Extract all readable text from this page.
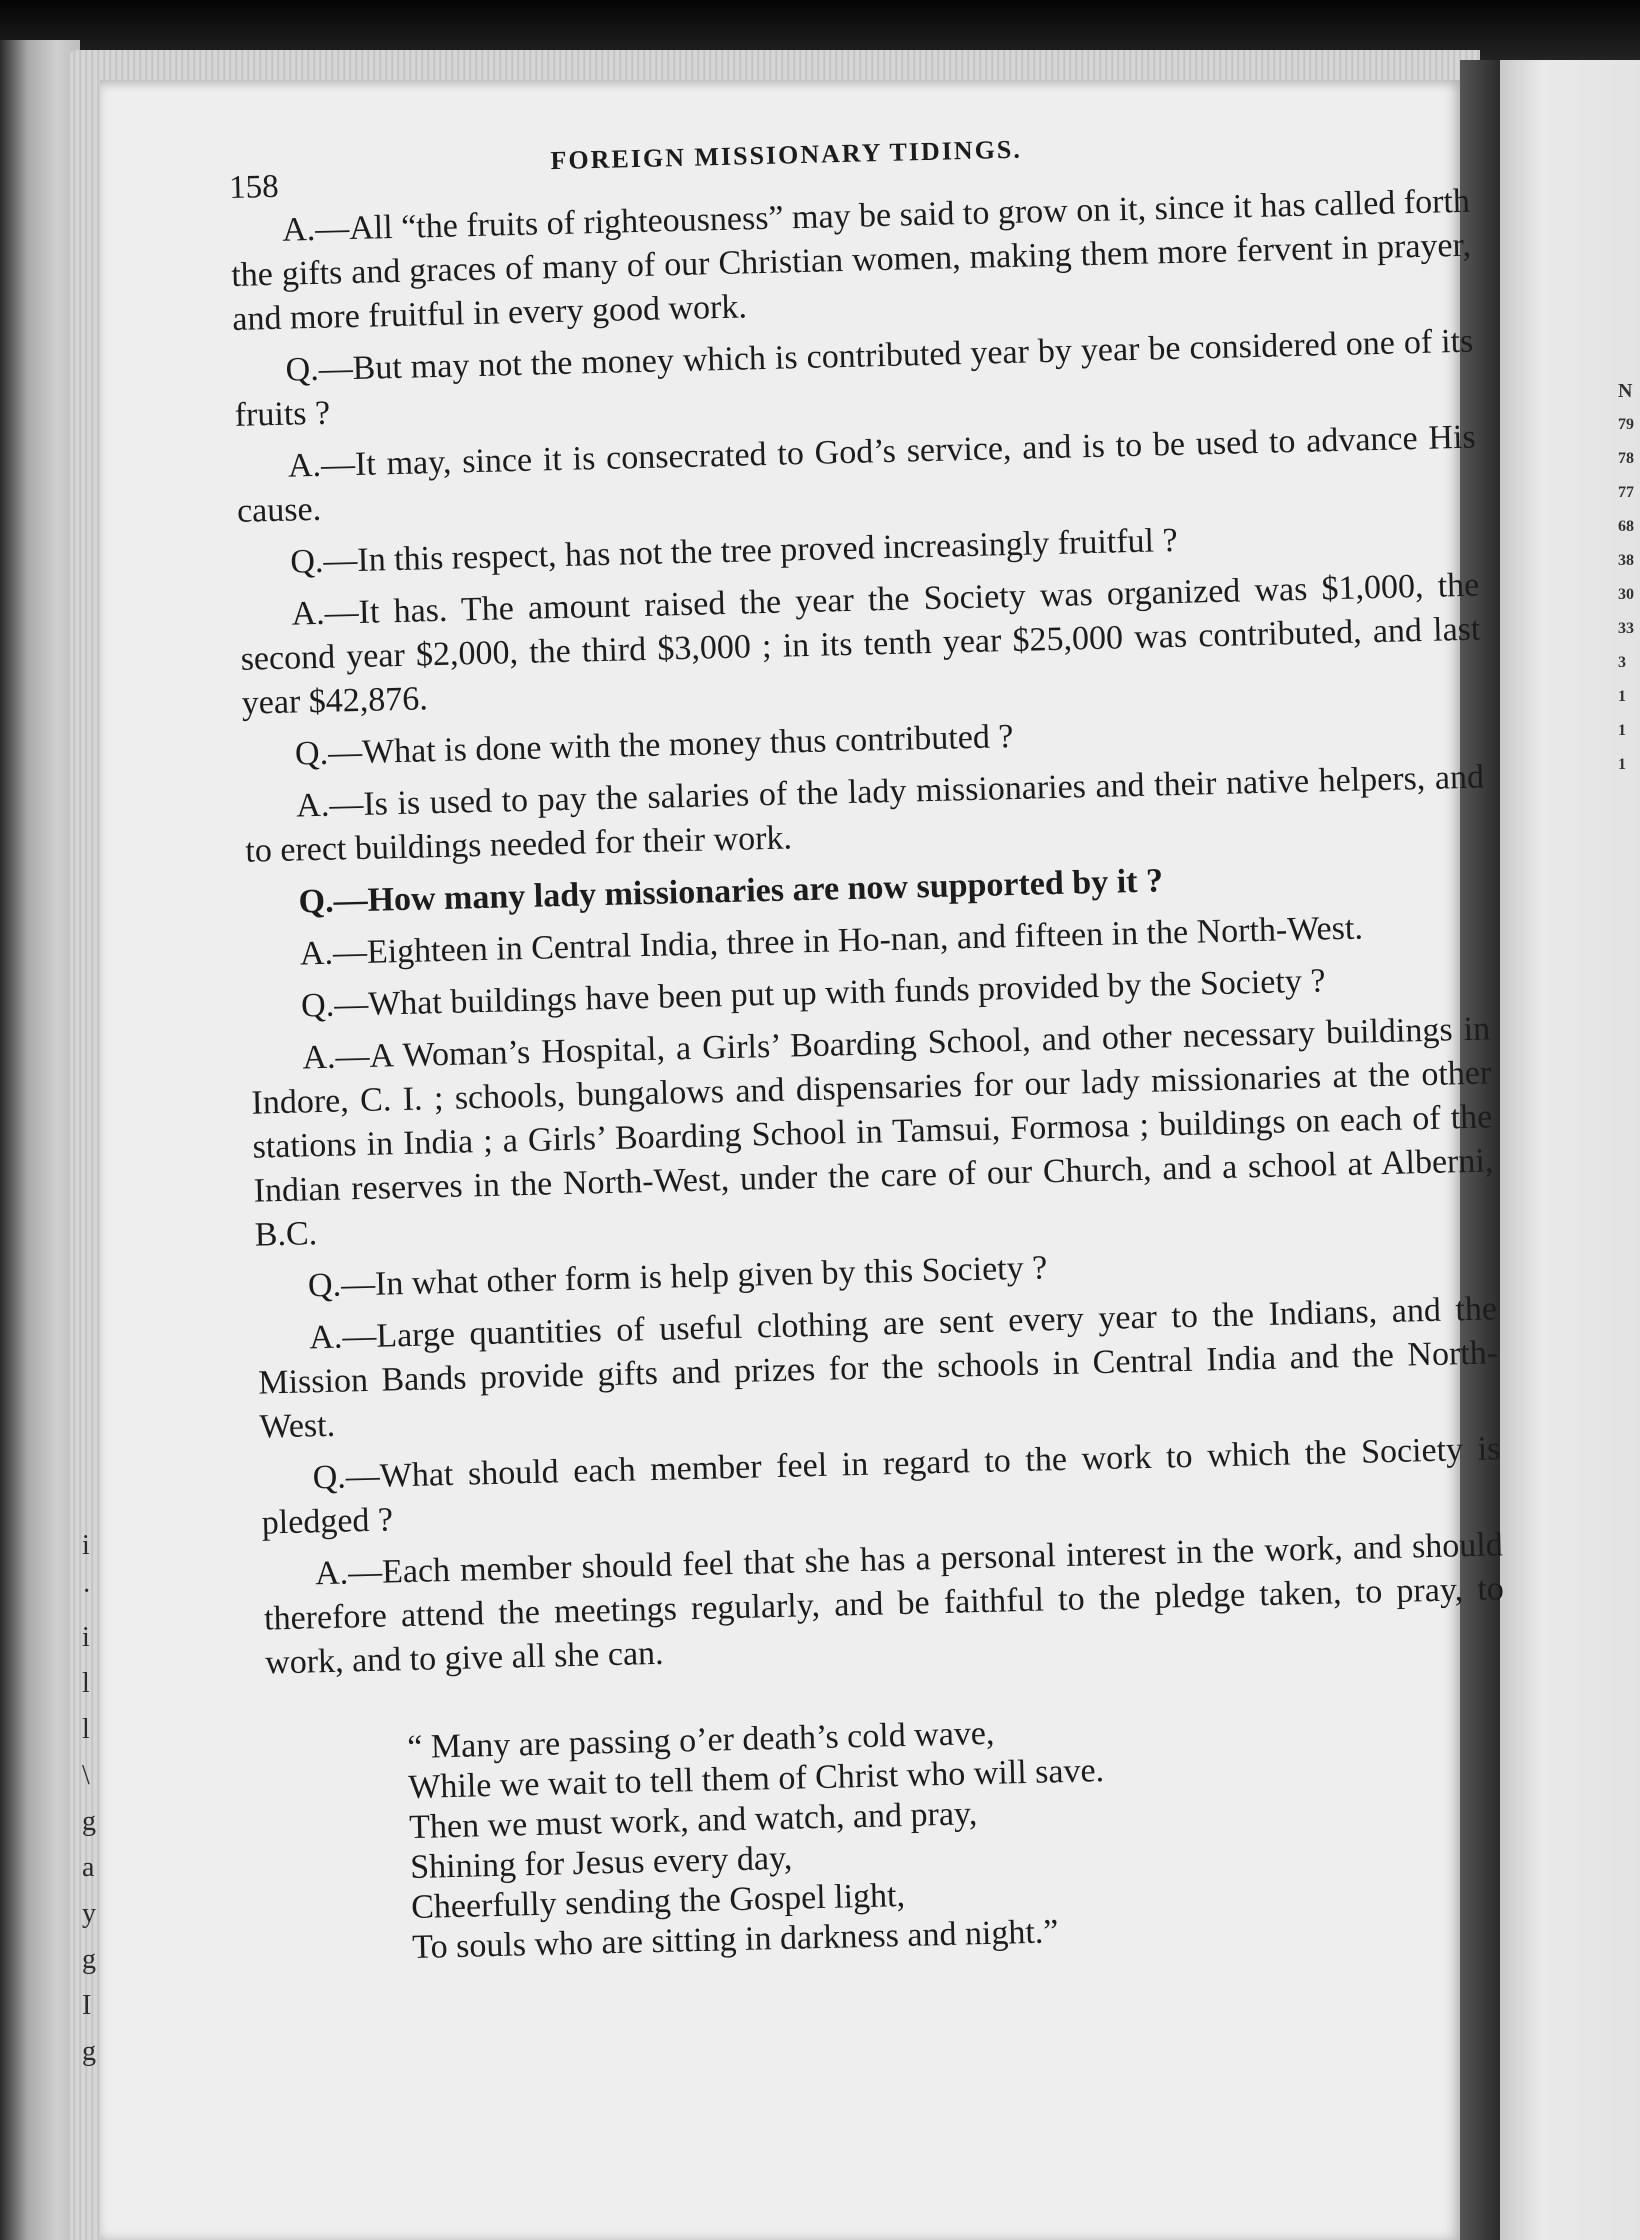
N
79
78
77
68
38
30
33
3
1
1
1
i
·
i
l
l
\
g
a
y
g
I
g
158
FOREIGN MISSIONARY TIDINGS.

A.—All “the fruits of righteousness” may be said to grow on it, since it has called forth the gifts and graces of many of our Christian women, making them more fervent in prayer, and more fruitful in every good work.

Q.—But may not the money which is contributed year by year be considered one of its fruits ?

A.—It may, since it is consecrated to God’s service, and is to be used to advance His cause.

Q.—In this respect, has not the tree proved increasingly fruitful ?

A.—It has. The amount raised the year the Society was organized was $1,000, the second year $2,000, the third $3,000 ; in its tenth year $25,000 was contributed, and last year $42,876.

Q.—What is done with the money thus contributed ?

A.—Is is used to pay the salaries of the lady missionaries and their native helpers, and to erect buildings needed for their work.

Q.—How many lady missionaries are now supported by it ?

A.—Eighteen in Central India, three in Ho-nan, and fifteen in the North-West.

Q.—What buildings have been put up with funds provided by the Society ?

A.—A Woman’s Hospital, a Girls’ Boarding School, and other necessary buildings in Indore, C. I. ; schools, bungalows and dispensaries for our lady missionaries at the other stations in India ; a Girls’ Boarding School in Tamsui, Formosa ; buildings on each of the Indian reserves in the North-West, under the care of our Church, and a school at Alberni, B.C.

Q.—In what other form is help given by this Society ?

A.—Large quantities of useful clothing are sent every year to the Indians, and the Mission Bands provide gifts and prizes for the schools in Central India and the North-West.

Q.—What should each member feel in regard to the work to which the Society is pledged ?

A.—Each member should feel that she has a personal interest in the work, and should therefore attend the meetings regularly, and be faithful to the pledge taken, to pray, to work, and to give all she can.

“ Many are passing o’er death’s cold wave,
While we wait to tell them of Christ who will save.
Then we must work, and watch, and pray,
Shining for Jesus every day,
Cheerfully sending the Gospel light,
To souls who are sitting in darkness and night.”
